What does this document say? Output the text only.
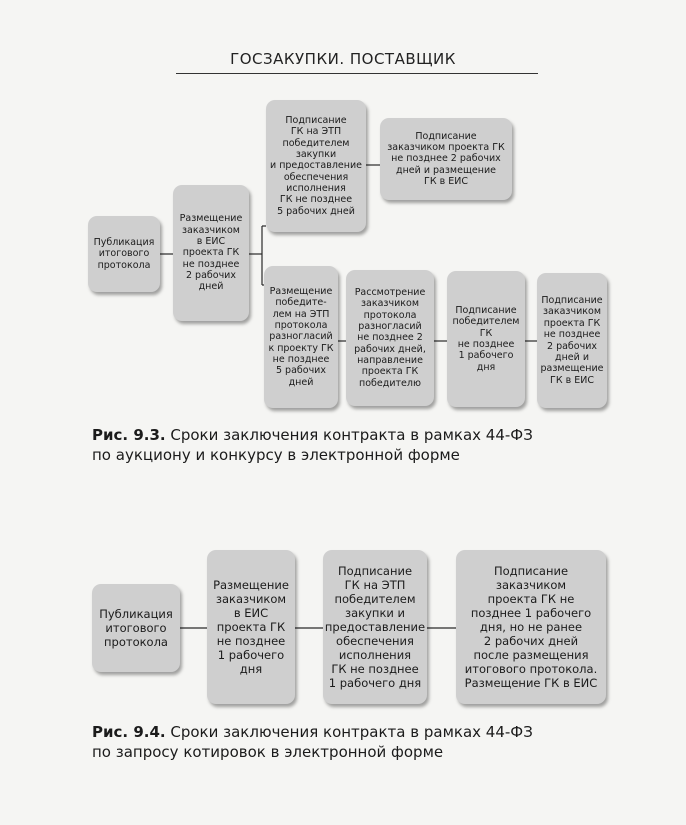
ГОСЗАКУПКИ. ПОСТАВЩИК
Публикация
итогового
протокола
Размещение
заказчиком
в ЕИС
проекта ГК
не позднее
2 рабочих
дней
Подписание
ГК на ЭТП
победителем
закупки
и предоставление
обеспечения
исполнения
ГК не позднее
5 рабочих дней
Подписание
заказчиком проекта ГК
не позднее 2 рабочих
дней и размещение
ГК в ЕИС
Размещение
победите-
лем на ЭТП
протокола
разногласий
к проекту ГК
не позднее
5 рабочих
дней
Рассмотрение
заказчиком
протокола
разногласий
не позднее 2
рабочих дней,
направление
проекта ГК
победителю
Подписание
победителем
ГК
не позднее
1 рабочего
дня
Подписание
заказчиком
проекта ГК
не позднее
2 рабочих
дней и
размещение
ГК в ЕИС
Рис. 9.3. Сроки заключения контракта в рамках 44-ФЗ
по аукциону и конкурсу в электронной форме
Публикация
итогового
протокола
Размещение
заказчиком
в ЕИС
проекта ГК
не позднее
1 рабочего
дня
Подписание
ГК на ЭТП
победителем
закупки и
предоставление
обеспечения
исполнения
ГК не позднее
1 рабочего дня
Подписание
заказчиком
проекта ГК не
позднее 1 рабочего
дня, но не ранее
2 рабочих дней
после размещения
итогового протокола.
Размещение ГК в ЕИС
Рис. 9.4. Сроки заключения контракта в рамках 44-ФЗ
по запросу котировок в электронной форме
